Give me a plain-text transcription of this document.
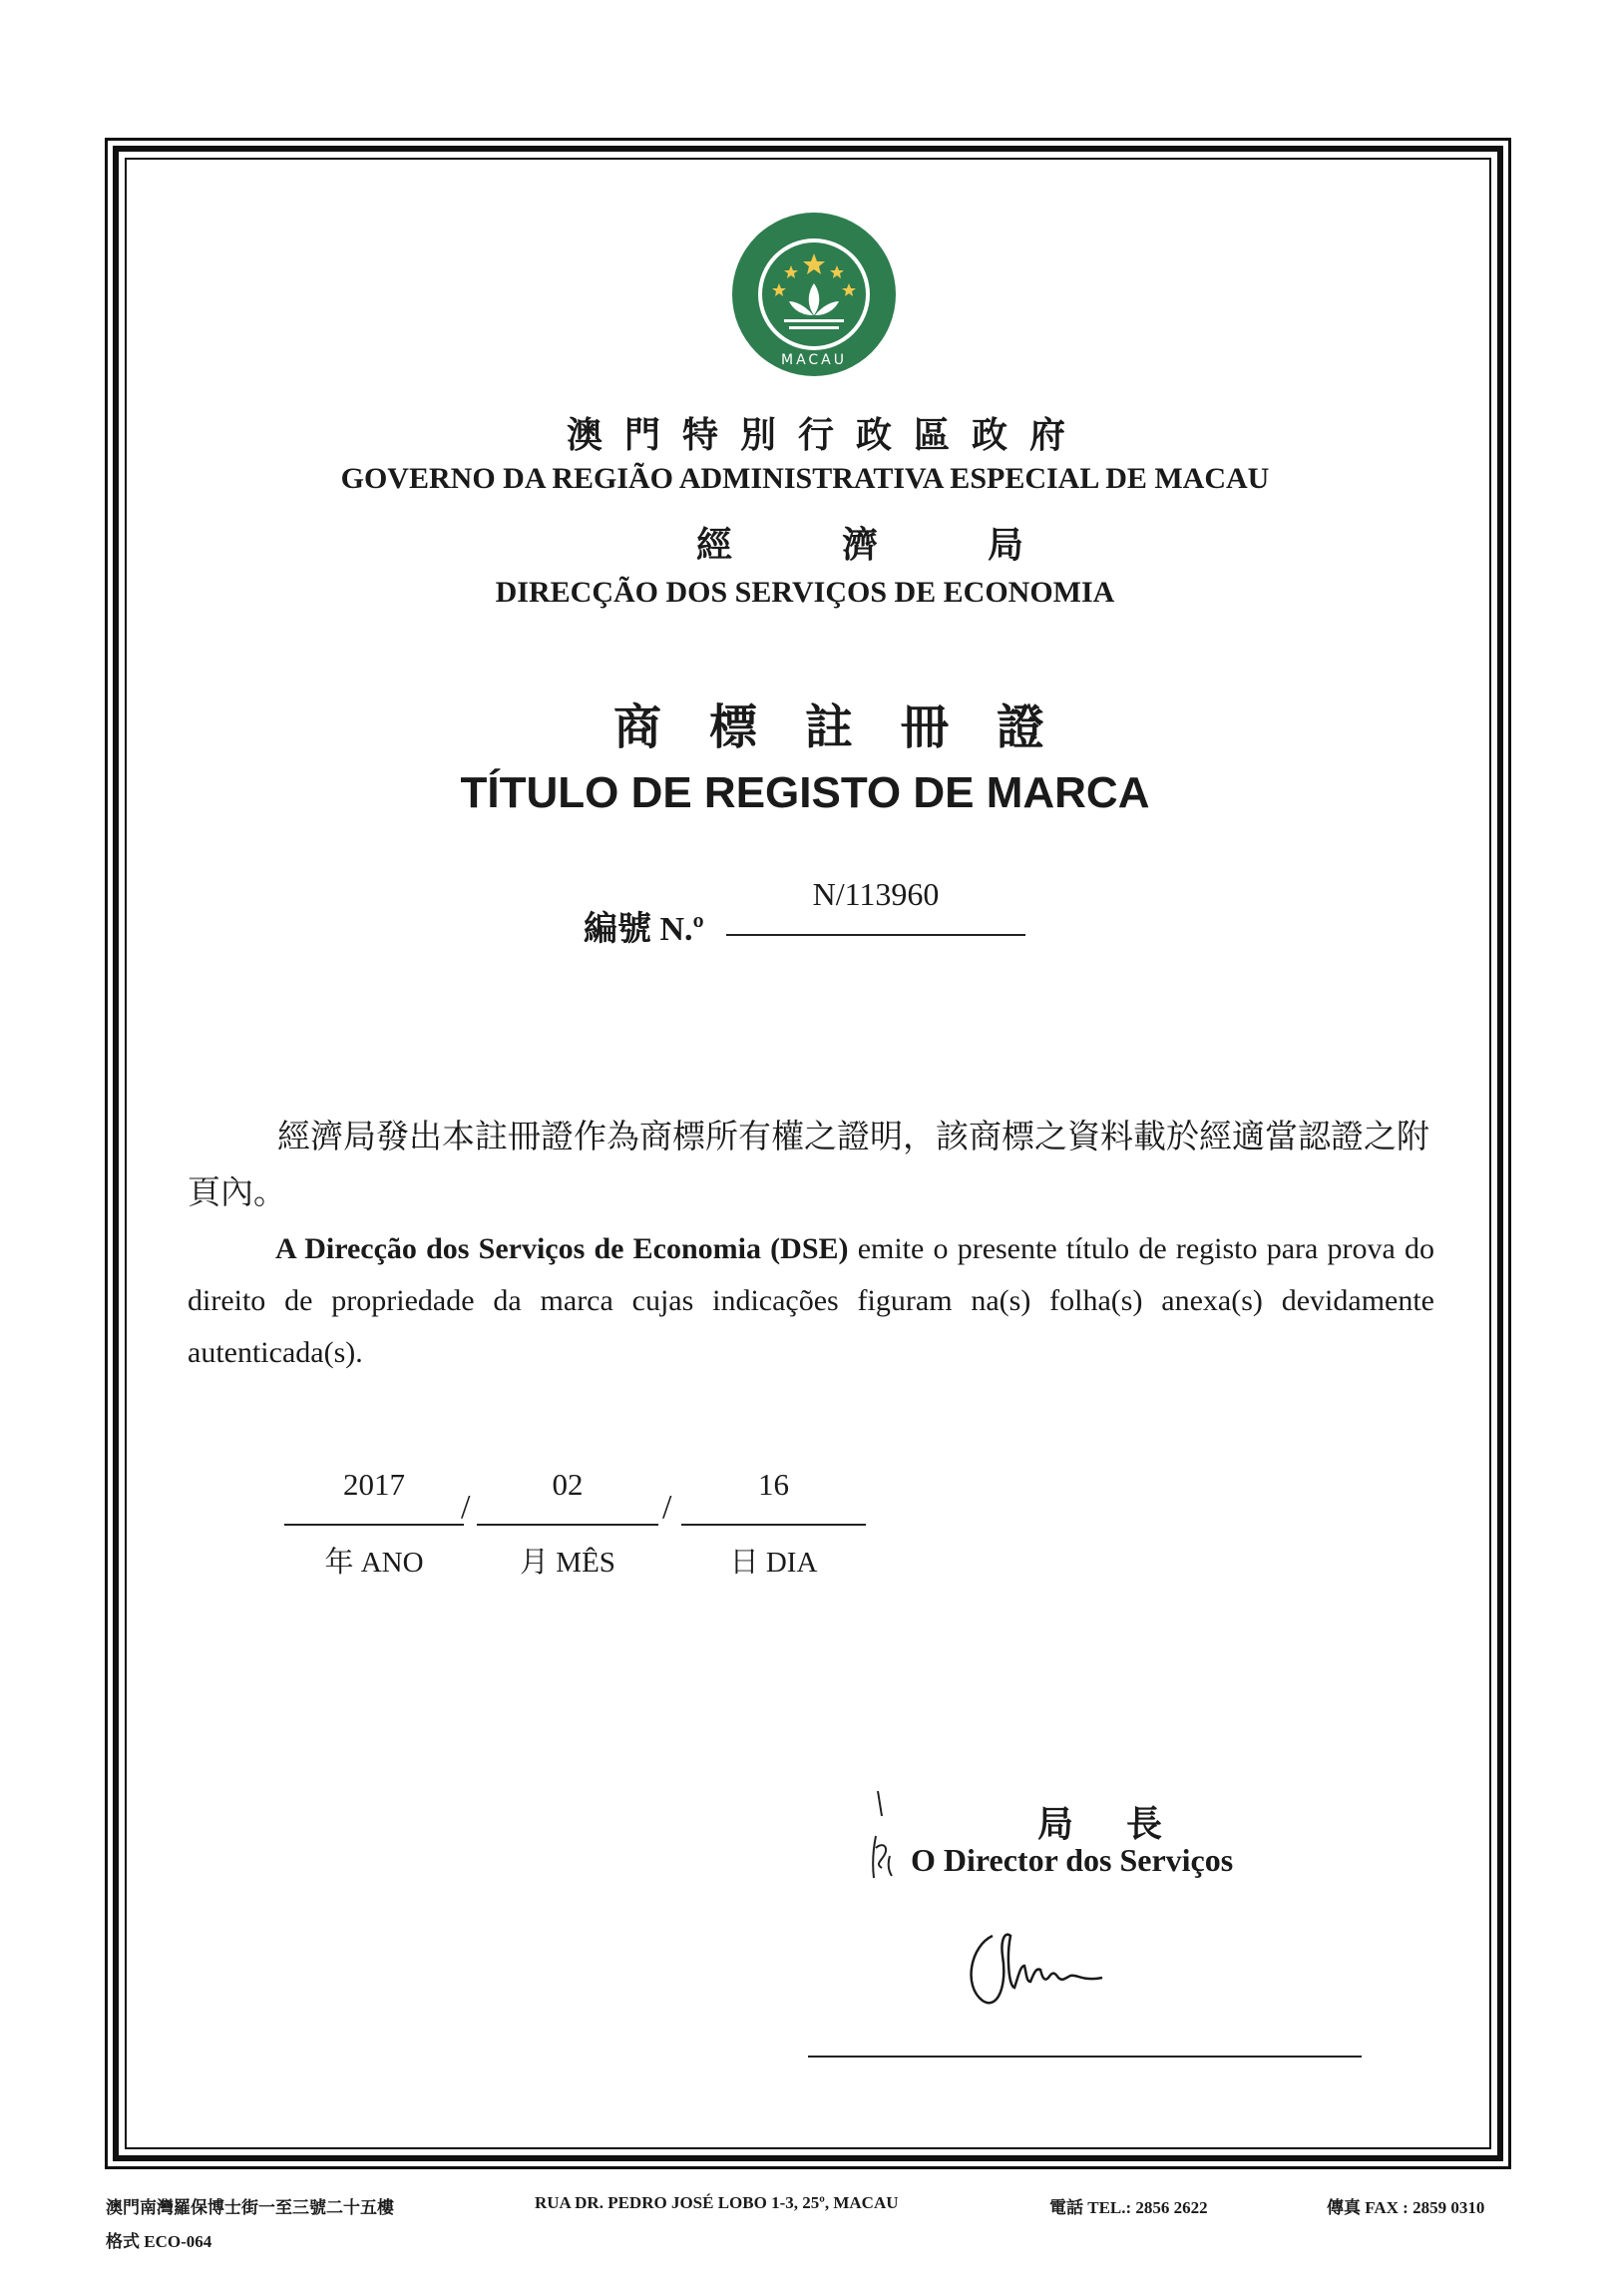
MACAU
澳門特別行政區政府
GOVERNO DA REGIÃO ADMINISTRATIVA ESPECIAL DE MACAU
經濟局
DIRECÇÃO DOS SERVIÇOS DE ECONOMIA
商標註冊證
TÍTULO DE REGISTO DE MARCA
編號 N.º
N/113960
經濟局發出本註冊證作為商標所有權之證明，該商標之資料載於經適當認證之附頁內。
A Direcção dos Serviços de Economia (DSE) emite o presente título de registo para prova do direito de propriedade da marca cujas indicações figuram na(s) folha(s) anexa(s) devidamente autenticada(s).
2017
/
02
/
16
年 ANO	月 MÊS	日 DIA
局 長
O Director dos Serviços
澳門南灣羅保博士街一至三號二十五樓	RUA DR. PEDRO JOSÉ LOBO 1-3, 25º, MACAU	電話 TEL.: 2856 2622	傳真 FAX : 2859 0310
格式 ECO-064
